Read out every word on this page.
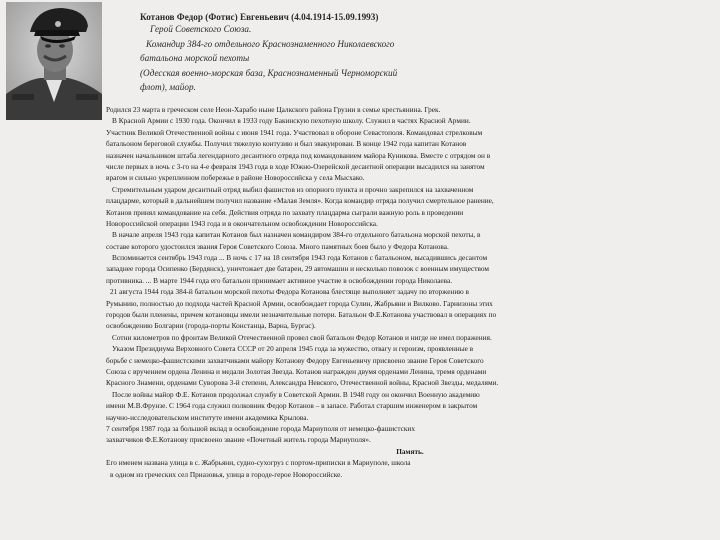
Котанов Федор (Фотис) Евгеньевич (4.04.1914-15.09.1993)
Герой Советского Союза.
Командир 384-го отдельного Краснознаменного Николаевского
батальона морской пехоты
(Одесская военно-морская база, Краснознаменный Черноморский
флот), майор.
Родился 23 марта в греческом селе Неон-Харабо ныне Цалкского района Грузии в семье крестьянина. Грек.
В Красной Армии с 1930 года. Окончил в 1933 году Бакинскую пехотную школу. Служил в частях Красной Армии.
Участник Великой Отечественной войны с июня 1941 года. Участвовал в обороне Севастополя. Командовал стрелковым
батальоном береговой службы. Получил тяжелую контузию и был эвакуирован. В конце 1942 года капитан Котанов
назначен начальником штаба легендарного десантного отряда под командованием майора Куникова. Вместе с отрядом он в
числе первых в ночь с 3-го на 4-е февраля 1943 года в ходе Южно-Озерейской десантной операции высадился на занятом
врагом и сильно укрепленном побережье в районе Новороссийска у села Мысхако.
Стремительным ударом десантный отряд выбил фашистов из опорного пункта и прочно закрепился на захваченном
плацдарме, который в дальнейшем получил название «Малая Земля». Когда командир отряда получил смертельное ранение,
Котанов принял командование на себя. Действия отряда по захвату плацдарма сыграли важную роль в проведении
Новороссийской операции 1943 года и в окончательном освобождении Новороссийска.
В начале апреля 1943 года капитан Котанов был назначен командиром 384-го отдельного батальона морской пехоты, в
составе которого удостоился звания Героя Советского Союза. Много памятных боев было у Федора Котанова.
Вспоминается сентябрь 1943 года ... В ночь с 17 на 18 сентября 1943 года Котанов с батальоном, высадившись десантом
западнее города Осипенко (Бердянск), уничтожает две батареи, 29 автомашин и несколько повозок с военным имуществом
противника. ... В марте 1944 года его батальон принимает активное участие в освобождении города Николаева.
21 августа 1944 года 384-й батальон морской пехоты Федора Котанова блестяще выполняет задачу по вторжению в
Румынию, полностью до подхода частей Красной Армии, освобождает города Сулин, Жабрьяни и Вилково. Гарнизоны этих
городов были пленены, причем котановцы имели незначительные потери. Батальон Ф.Е.Котанова участвовал в операциях по
освобождению Болгарии (города-порты Констанца, Варна, Бургас).
Сотни километров по фронтам Великой Отечественной провел свой батальон Федор Котанов и нигде не имел поражения.
Указом Президиума Верховного Совета СССР от 20 апреля 1945 года за мужество, отвагу и героизм, проявленные в
борьбе с немецко-фашистскими захватчиками майору Котанову Федору Евгеньевичу присвоено звание Героя Советского
Союза с вручением ордена Ленина и медали Золотая Звезда. Котанов награжден двумя орденами Ленина, тремя орденами
Красного Знамени, орденами Суворова 3-й степени, Александра Невского, Отечественной войны, Красной Звезды, медалями.
После войны майор Ф.Е. Котанов продолжал службу в Советской Армии. В 1948 году он окончил Военную академию
имени М.В.Фрунзе. С 1964 года служил полковник Федор Котанов – в запасе. Работал старшим инженером в закрытом
научно-исследовательском институте имени академика Крылова.
7 сентября 1987 года за большой вклад в освобождение города Мариуполя от немецко-фашистских
захватчиков Ф.Е.Котанову присвоено звание «Почетный житель города Мариуполя».
Память.
Его именем названа улица в с. Жабрьяни, судно-сухогруз с портом-приписки в Мариуполе, школа
в одном из греческих сел Приазовья, улица в городе-герое Новороссийске.
